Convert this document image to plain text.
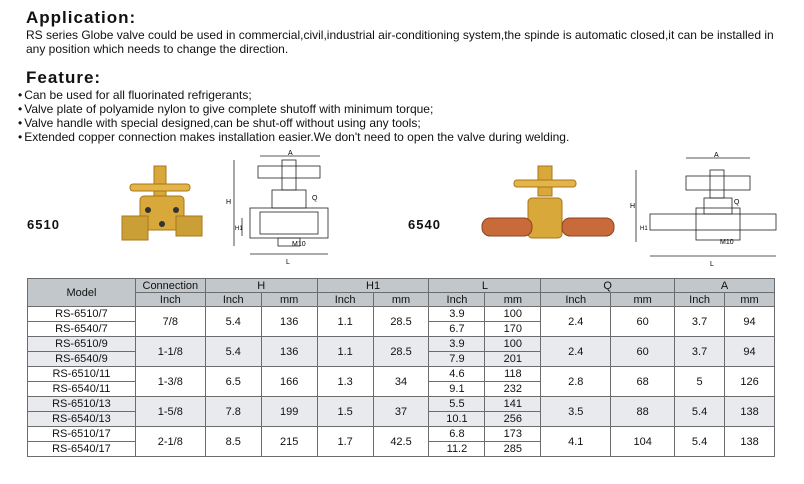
Application:
RS series Globe valve could be used in commercial,civil,industrial air-conditioning system,the spinde is automatic closed,it can be installed in any position which needs to change the direction.
Feature:
• Can be used for all fluorinated refrigerants;
• Valve plate of polyamide nylon to give complete shutoff with minimum torque;
• Valve handle with special designed,can be shut-off without using any tools;
• Extended copper connection makes installation easier.We don't need to open the valve during welding.
6510	6540
A
H
H1
Q
M10
L
A
H
H1
Q
M10
L
Model	Connection	H		H1		L		Q		A	
	Inch	Inch	mm	Inch	mm	Inch	mm	Inch	mm	Inch	mm
RS-6510/7	7/8	5.4	136	1.1	28.5	3.9	100	2.4	60	3.7	94
RS-6540/7						6.7	170				
RS-6510/9	1-1/8	5.4	136	1.1	28.5	3.9	100	2.4	60	3.7	94
RS-6540/9						7.9	201				
RS-6510/11	1-3/8	6.5	166	1.3	34	4.6	118	2.8	68	5	126
RS-6540/11						9.1	232				
RS-6510/13	1-5/8	7.8	199	1.5	37	5.5	141	3.5	88	5.4	138
RS-6540/13						10.1	256				
RS-6510/17	2-1/8	8.5	215	1.7	42.5	6.8	173	4.1	104	5.4	138
RS-6540/17						11.2	285				
